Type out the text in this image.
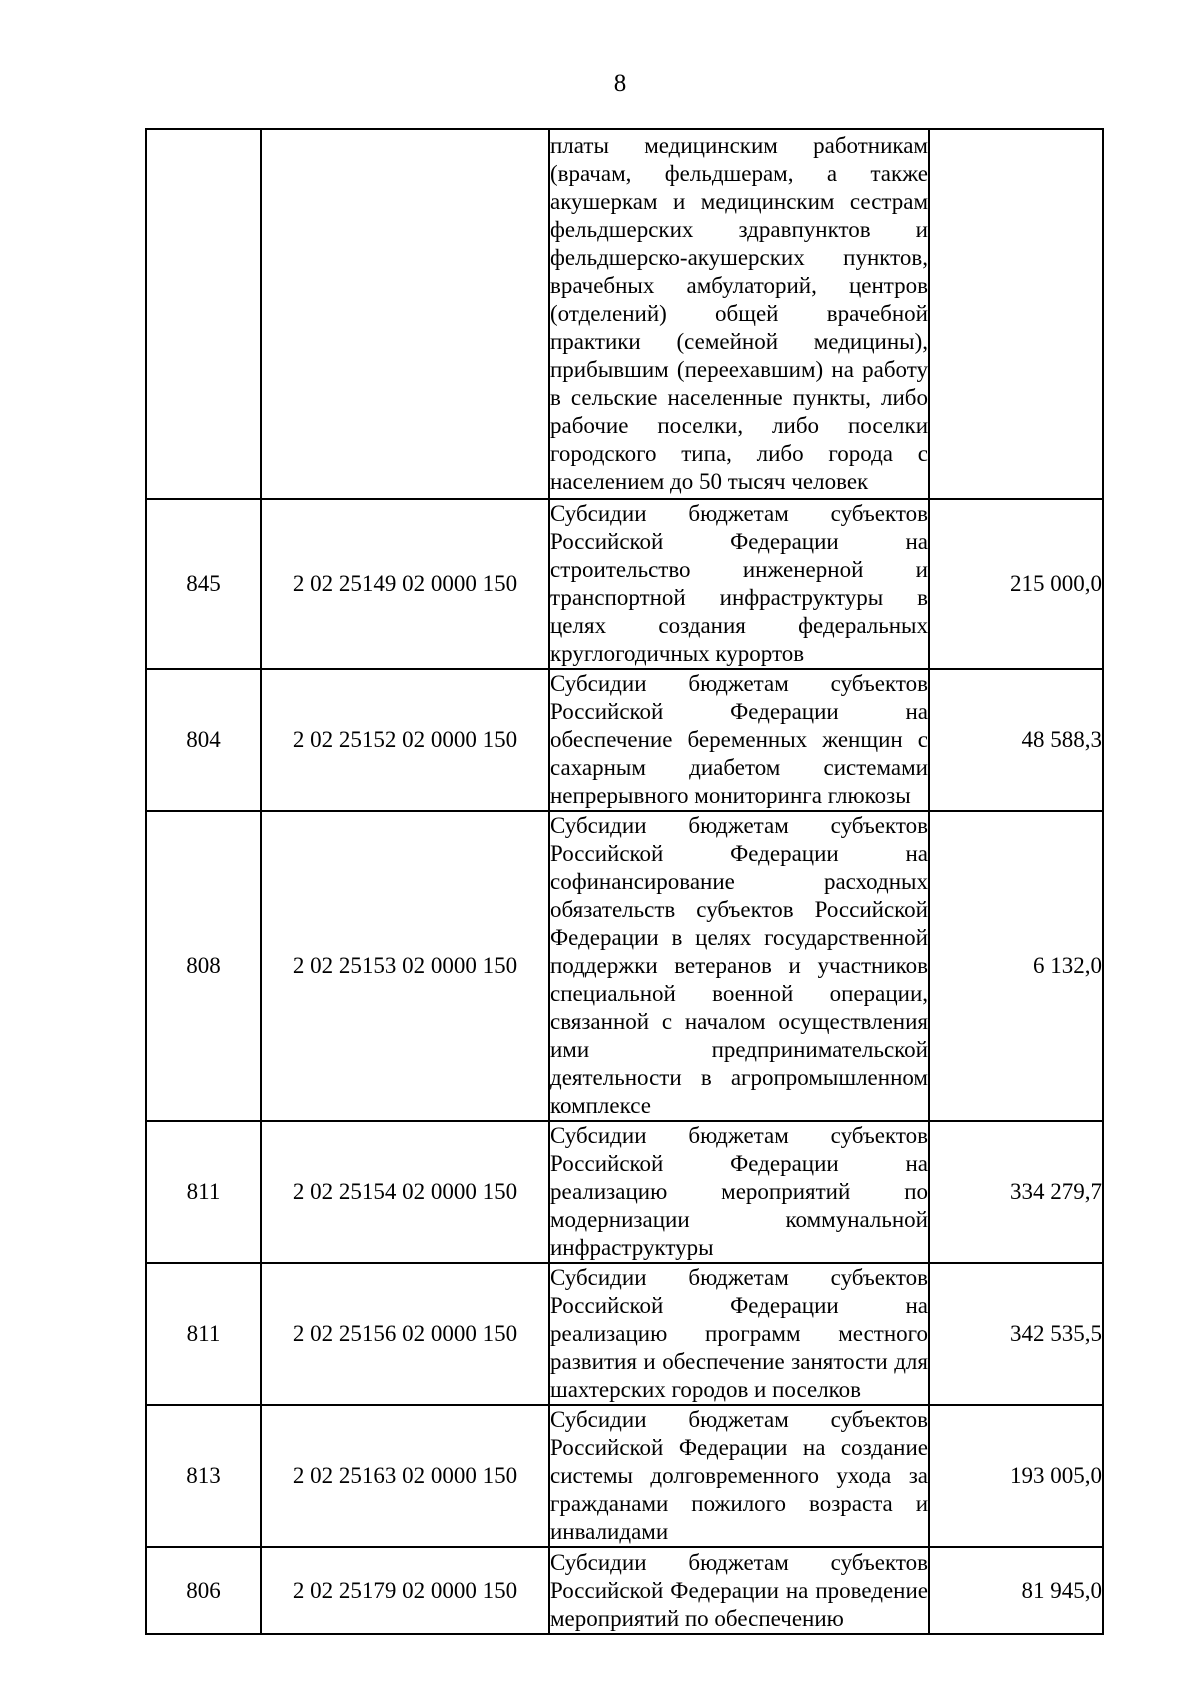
8

		платы медицинским работникам (врачам, фельдшерам, а также акушеркам и медицинским сестрам фельдшерских здравпунктов и фельдшерско-акушерских пунктов, врачебных амбулаторий, центров (отделений) общей врачебной практики (семейной медицины), прибывшим (переехавшим) на работу в сельские населенные пункты, либо рабочие поселки, либо поселки городского типа, либо города с населением до 50 тысяч человек	

845	2 02 25149 02 0000 150	Субсидии бюджетам субъектов Российской Федерации на строительство инженерной и транспортной инфраструктуры в целях создания федеральных круглогодичных курортов	215 000,0
804	2 02 25152 02 0000 150	Субсидии бюджетам субъектов Российской Федерации на обеспечение беременных женщин с сахарным диабетом системами непрерывного мониторинга глюкозы	48 588,3
808	2 02 25153 02 0000 150	Субсидии бюджетам субъектов Российской Федерации на софинансирование расходных обязательств субъектов Российской Федерации в целях государственной поддержки ветеранов и участников специальной военной операции, связанной с началом осуществления ими предпринимательской деятельности в агропромышленном комплексе	6 132,0
811	2 02 25154 02 0000 150	Субсидии бюджетам субъектов Российской Федерации на реализацию мероприятий по модернизации коммунальной инфраструктуры	334 279,7
811	2 02 25156 02 0000 150	Субсидии бюджетам субъектов Российской Федерации на реализацию программ местного развития и обеспечение занятости для шахтерских городов и поселков	342 535,5
813	2 02 25163 02 0000 150	Субсидии бюджетам субъектов Российской Федерации на создание системы долговременного ухода за гражданами пожилого возраста и инвалидами	193 005,0
806	2 02 25179 02 0000 150	Субсидии бюджетам субъектов Российской Федерации на проведение мероприятий по обеспечению	81 945,0
